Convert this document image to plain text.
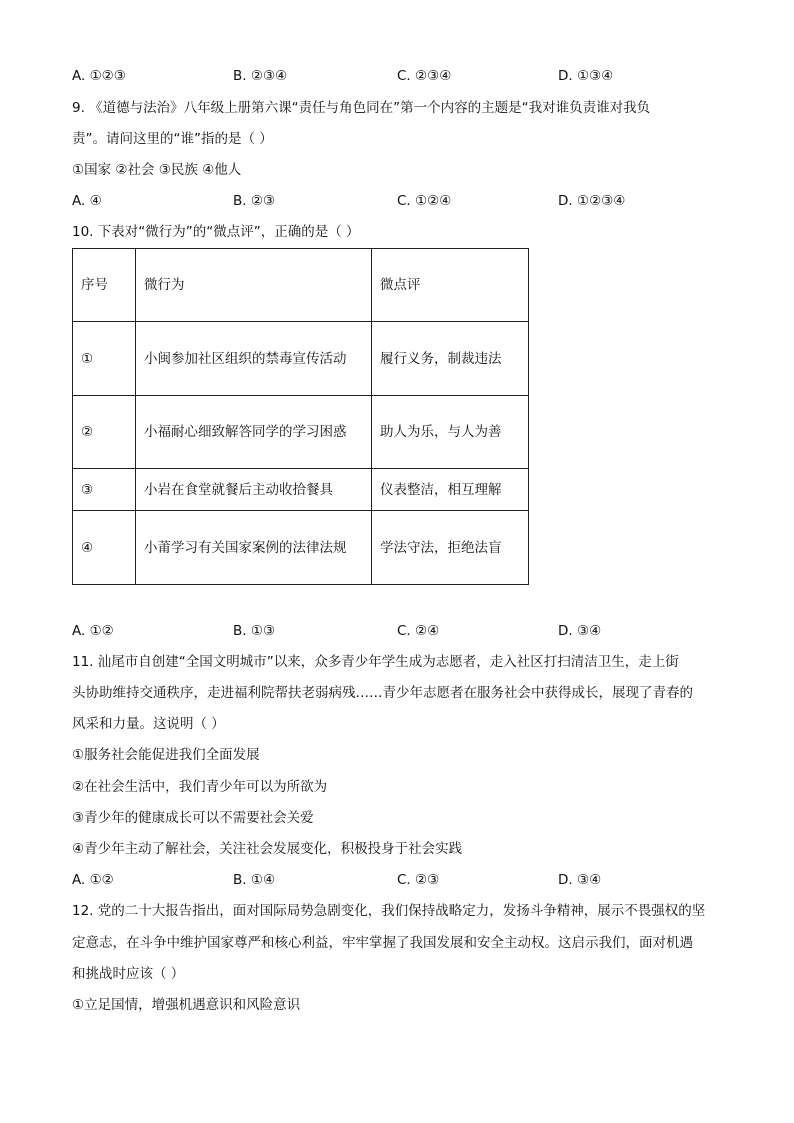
A. ①②③	B. ②③④	C. ②③④	D. ①③④
9. 《道德与法治》八年级上册第六课“责任与角色同在”第一个内容的主题是“我对谁负责谁对我负
责”。请问这里的“谁”指的是（ ）
①国家 ②社会 ③民族 ④他人
A. ④	B. ②③	C. ①②④	D. ①②③④
10. 下表对“微行为”的“微点评”，正确的是（ ）
序号	微行为	微点评
①	小闽参加社区组织的禁毒宣传活动	履行义务，制裁违法
②	小福耐心细致解答同学的学习困惑	助人为乐，与人为善
③	小岩在食堂就餐后主动收拾餐具	仪表整洁，相互理解
④	小莆学习有关国家案例的法律法规	学法守法，拒绝法盲
A. ①②	B. ①③	C. ②④	D. ③④
11. 汕尾市自创建“全国文明城市”以来，众多青少年学生成为志愿者，走入社区打扫清洁卫生，走上街
头协助维持交通秩序，走进福利院帮扶老弱病残……青少年志愿者在服务社会中获得成长，展现了青春的
风采和力量。这说明（ ）
①服务社会能促进我们全面发展
②在社会生活中，我们青少年可以为所欲为
③青少年的健康成长可以不需要社会关爱
④青少年主动了解社会，关注社会发展变化，积极投身于社会实践
A. ①②	B. ①④	C. ②③	D. ③④
12. 党的二十大报告指出，面对国际局势急剧变化，我们保持战略定力，发扬斗争精神，展示不畏强权的坚
定意志，在斗争中维护国家尊严和核心利益，牢牢掌握了我国发展和安全主动权。这启示我们，面对机遇
和挑战时应该（ ）
①立足国情，增强机遇意识和风险意识
